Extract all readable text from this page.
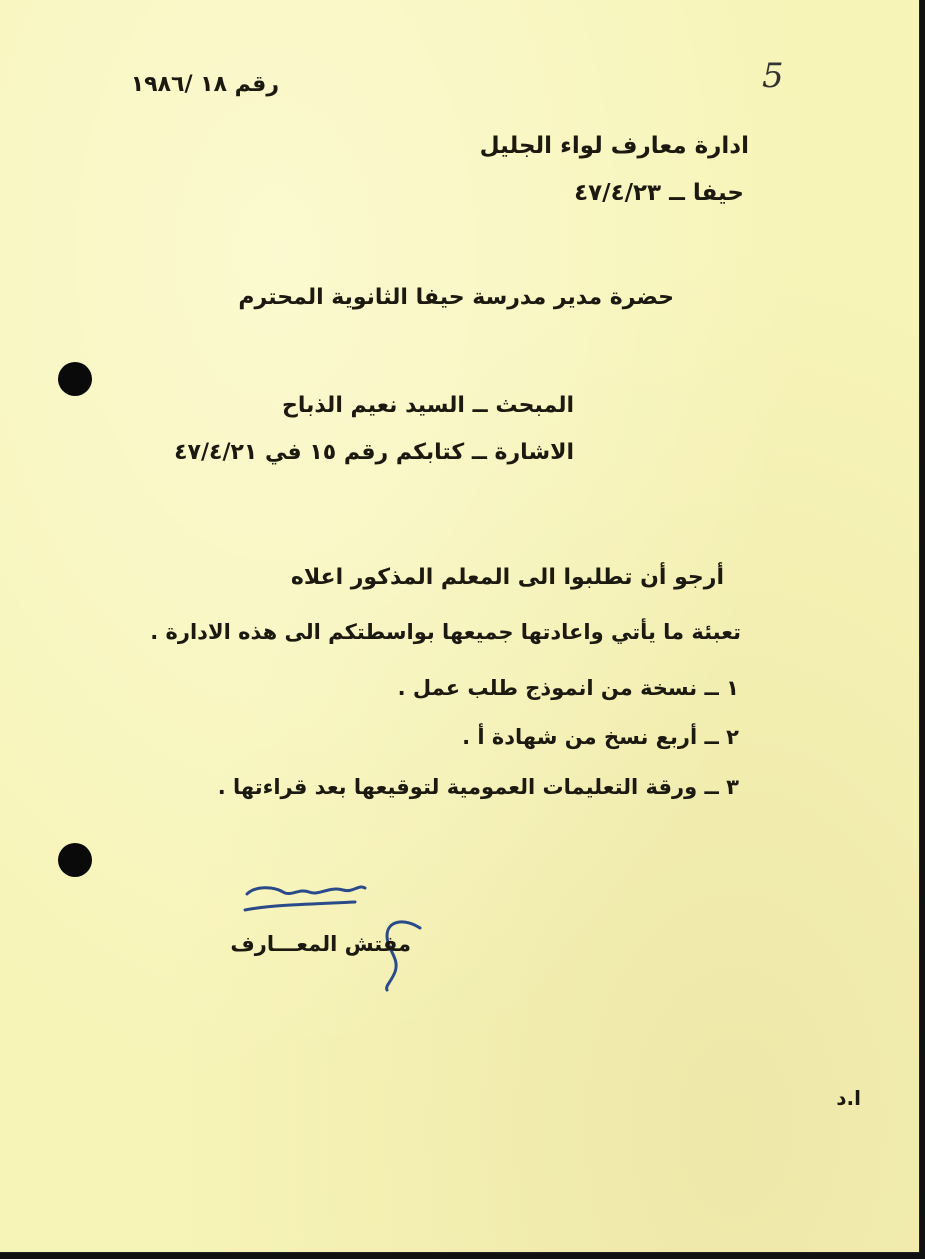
5
رقم ١٨ /١٩٨٦
ادارة معارف لواء الجليل
حيفا ــ ٤٧/٤/٢٣
حضرة مدير مدرسة حيفا الثانوية المحترم
المبحث ــ السيد نعيم الذباح
الاشارة ــ كتابكم رقم ١٥ في ٤٧/٤/٢١
أرجو أن تطلبوا الى المعلم المذكور اعلاه
تعبئة ما يأتي واعادتها جميعها بواسطتكم الى هذه الادارة .
١ ــ نسخة من انموذج طلب عمل .
٢ ــ أربع نسخ من شهادة أ .
٣ ــ ورقة التعليمات العمومية لتوقيعها بعد قراءتها .
مفتش المعـــارف
ا.د
